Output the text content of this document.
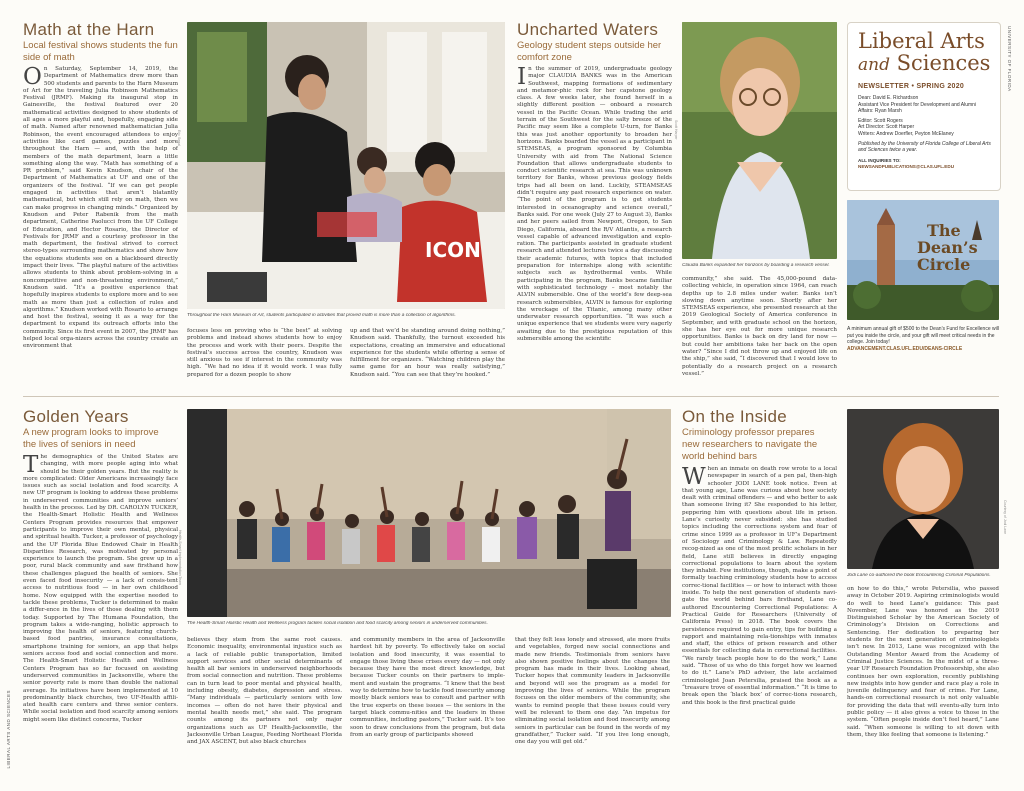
Math at the Harn
Local festival shows students the fun side of math
On Saturday, September 14, 2019, the Department of Mathematics drew more than 500 students and parents to the Harn Museum of Art for the traveling Julia Robinson Mathematics Festival (JRMF). Making its inaugural stop in Gainesville, the festival featured over 20 mathematical activities designed to show students of all ages a more playful and, hopefully, engaging side of math. Named after renowned mathematician Julia Robinson, the event encouraged attendees to enjoy activities like card games, puzzles and more throughout the Harn — and, with the help of members of the math department, learn a little something along the way. “Math has something of a PR problem,” said Kevin Knudson, chair of the Department of Mathematics at UF and one of the organizers of the festival. “If we can get people engaged in activities that aren’t blatantly mathematical, but which still rely on math, then we can make progress in changing minds.” Organized by Knudson and Peter Rabenik from the math department, Catherine Paolucci from the UF College of Education, and Hector Rosario, the Director of Festivals for JRMF and a courtesy professor in the math department, the festival strived to correct stereo-types surrounding mathematics and show how the equations students see on a blackboard directly impact their lives. “The playful nature of the activities allows students to think about problem-solving in a noncompetitive and non-threatening environment,” Knudson said. “It’s a positive experience that hopefully inspires students to explore more and to see math as more than just a collection of rules and algorithms.” Knudson worked with Rosario to arrange and host the festival, seeing it as a way for the department to expand its outreach efforts into the community. Since its first event in 2007, the JRMF has helped local orga-nizers across the country create an environment that
ICON
Eric Segal
Throughout the Harn Museum of Art, students participated in activities that proved math is more than a collection of algorithms.
focuses less on proving who is “the best” at solving problems and instead shows students how to enjoy the process and work with their peers. Despite the festival’s success across the country, Knudson was still anxious to see if interest in the community was high. “We had no idea if it would work. I was fully prepared for a dozen people to show
up and that we’d be standing around doing nothing,” Knudson said. Thankfully, the turnout exceeded his expectations, creating an immersive and educational experience for the students while offering a sense of fulfillment for organizers. “Watching children play the same game for an hour was really satisfying,” Knudson said. “You can see that they’re hooked.”
Uncharted Waters
Geology student steps outside her comfort zone
In the summer of 2019, undergraduate geology major CLAUDIA BANKS was in the American Southwest, mapping formations of sedimentary and metamor-phic rock for her capstone geology class. A few weeks later, she found herself in a slightly different position — onboard a research vessel in the Pacific Ocean. While trading the arid terrain of the Southwest for the salty breeze of the Pacific may seem like a complete U-turn, for Banks this was just another opportunity to broaden her horizons. Banks boarded the vessel as a participant in STEMSEAS, a program sponsored by Columbia University with aid from The National Science Foundation that allows undergraduate students to conduct scientific research at sea. This was unknown territory for Banks, whose previous geology fields trips had all been on land. Luckily, STEAMSEAS didn’t require any past research experience on water. “The point of the program is to get students interested in oceanography and science overall,” Banks said. For one week (July 27 to August 3), Banks and her peers sailed from Newport, Oregon, to San Diego, California, aboard the R/V Atlantis, a research vessel capable of advanced investigation and explo-ration. The participants assisted in graduate student research and attended lectures twice a day discussing their academic futures, with topics that included preparation for internships along with scientific subjects such as hydrothermal vents. While participating in the program, Banks became familiar with sophisticated technology – most notably the ALVIN submersible. One of the world’s few deep-sea research submersibles, ALVIN is famous for exploring the wreckage of the Titanic, among many other underwater research opportunities. “It was such a unique experience that we students were very eagerly awaiting due to the prestigious reputation of this submersible among the scientific
Scott Harper
Claudia Banks expanded her horizons by boarding a research vessel.
community,” she said. The 45,000-pound data-collecting vehicle, in operation since 1964, can reach depths up to 2.8 miles under water. Banks isn’t slowing down anytime soon. Shortly after her STEMSEAS experience, she presented research at the 2019 Geological Society of America conference in September, and with graduate school on the horizon, she has her eye out for more unique research opportunities. Banks is back on dry land for now — but could her ambitions take her back on the open water? “Since I did not throw up and enjoyed life on the ship,” she said, “I discovered that I would love to potentially do a research project on a research vessel.”
Liberal Arts
and Sciences
NEWSLETTER • SPRING 2020
Dean: David E. Richardson
Assistant Vice President for Development and Alumni Affairs: Ryan Marsh
Editor: Scott Rogers
Art Director: Scott Harper
Writers: Andrew Doerfler, Peyton McElaney
Published by the University of Florida College of Liberal Arts and Sciences twice a year.
ALL INQUIRIES TO:
NEWSANDPUBLICATIONS@CLAS.UFL.EDU
UNIVERSITY OF FLORIDA
The
Dean’s
Circle
A minimum annual gift of $500 to the Dean’s Fund for Excellence will put you inside the circle, and your gift will meet critical needs in the college. Join today!
ADVANCEMENT.CLAS.UFL.EDU/DEANS-CIRCLE
Golden Years
A new program looks to improve the lives of seniors in need
The demographics of the United States are changing, with more people aging into what should be their golden years. But the reality is more complicated: Older Americans increasingly face issues such as social isolation and food scarcity. A new UF program is looking to address these problems in underserved communities and improve seniors’ health in the process. Led by DR. CAROLYN TUCKER, the Health-Smart Holistic Health and Wellness Centers Program provides resources that empower participants to improve their own mental, physical and spiritual health. Tucker, a professor of psychology and the UF Florida Blue Endowed Chair in Health Disparities Research, was motivated by personal experience to launch the program. She grew up in a poor, rural black community and saw firsthand how these challenges plagued the health of seniors. She even faced food insecurity — a lack of consis-tent access to nutritious food — in her own childhood home. Now equipped with the expertise needed to tackle these problems, Tucker is determined to make a differ-ence in the lives of those dealing with them today. Supported by The Humana Foundation, the program takes a wide-ranging, holistic approach to improving the health of seniors, featuring church-based food pantries, insurance consultations, smartphone training for seniors, an app that helps seniors access food and social connection and more. The Health-Smart Holistic Health and Wellness Centers Program has so far focused on assisting underserved communities in Jacksonville, where the senior poverty rate is more than double the national average. Its initiatives have been implemented at 10 predominantly black churches, two UF-Health affili-ated health care centers and three senior centers. While social isolation and food scarcity among seniors might seem like distinct concerns, Tucker
Health-Smart Implementation Team
The Health-Smart Holistic Health and Wellness program tackles social isolation and food scarcity among seniors in underserved communities.
believes they stem from the same root causes. Economic inequality, environmental injustice such as a lack of reliable public transportation, limited support services and other social determinants of health all bar seniors in underserved neighborhoods from social connection and nutrition. These problems can in turn lead to poor mental and physical health, including obesity, diabetes, depression and stress. “Many individuals — particularly seniors with low incomes — often do not have their physical and mental health needs met,” she said. The program counts among its partners not only major organizations such as UF Health-Jacksonville, the Jacksonville Urban League, Feeding Northeast Florida and JAX ASCENT, but also black churches
and community members in the area of Jacksonville hardest hit by poverty. To effectively take on social isolation and food insecurity, it was essential to engage those living these crises every day — not only because they have the most direct knowledge, but because Tucker counts on their partners to imple-ment and sustain the programs. “I knew that the best way to determine how to tackle food insecurity among mostly black seniors was to consult and partner with the true experts on these issues — the seniors in the target black commu-nities and the leaders in these communities, including pastors,” Tucker said. It’s too soon to draw conclusions from the program, but data from an early group of participants showed
that they felt less lonely and stressed, ate more fruits and vegetables, forged new social connections and made new friends. Testimonials from seniors have also shown positive feelings about the changes the program has made in their lives. Looking ahead, Tucker hopes that community leaders in Jacksonville and beyond will see the program as a model for improving the lives of seniors. While the program focuses on the older members of the community, she wants to remind people that these issues could very well be relevant to them one day. “An impetus for eliminating social isolation and food insecurity among seniors in particular can be found in the words of my grandfather,” Tucker said. “If you live long enough, one day you will get old.”
On the Inside
Criminology professor prepares new researchers to navigate the world behind bars
When an inmate on death row wrote to a local newspaper in search of a pen pal, then-high schooler JODI LANE took notice. Even at that young age, Lane was curious about how society dealt with criminal offenders — and who better to ask than someone living it? She responded to his letter, peppering him with questions about life in prison. Lane’s curiosity never subsided: she has studied topics including the corrections system and fear of crime since 1999 as a professor in UF’s Department of Sociology and Criminology & Law. Repeatedly recog-nized as one of the most prolific scholars in her field, Lane still believes in directly engaging correctional populations to learn about the system they inhabit. Few institutions, though, make a point of formally teaching criminology students how to access correc-tional facilities — or how to interact with those inside. To help the next generation of students navi-gate the world behind bars firsthand, Lane co-authored Encountering Correctional Populations: A Practical Guide for Researchers (University of California Press) in 2018. The book covers the persistence required to gain entry, tips for building a rapport and maintaining rela-tionships with inmates and staff, the ethics of prison research and other essentials for collecting data in correctional facilities. “We rarely teach people how to do the work,” Lane said. “Those of us who do this forget how we learned to do it.” Lane’s PhD adviser, the late acclaimed criminologist Joan Petersilia, praised the book as a “treasure trove of essential information.” “It is time to break open the ‘black box’ of correc-tions research, and this book is the first practical guide
Courtesy of Jodi Lane
Jodi Lane co-authored the book Encountering Criminal Populations.
on how to do this,” wrote Petersilia, who passed away in October 2019. Aspiring criminologists would do well to heed Lane’s guidance: This past November, Lane was honored as the 2019 Distinguished Scholar by the American Society of Criminology’s Division on Corrections and Sentencing. Her dedication to preparing her students for the next generation of criminologists isn’t new. In 2013, Lane was recognized with the Outstanding Mentor Award from the Academy of Criminal Justice Sciences. In the midst of a three-year UF Research Foundation Professorship, she also continues her own exploration, recently publishing new insights into how gender and race play a role in juvenile delinquency and fear of crime. For Lane, hands-on correctional research is not only valuable for providing the data that will eventu-ally turn into public policy — it also gives a voice to those in the system. “Often people inside don’t feel heard,” Lane said. “When someone is willing to sit down with them, they like feeling that someone is listening.”
LIBERAL ARTS AND SCIENCES
